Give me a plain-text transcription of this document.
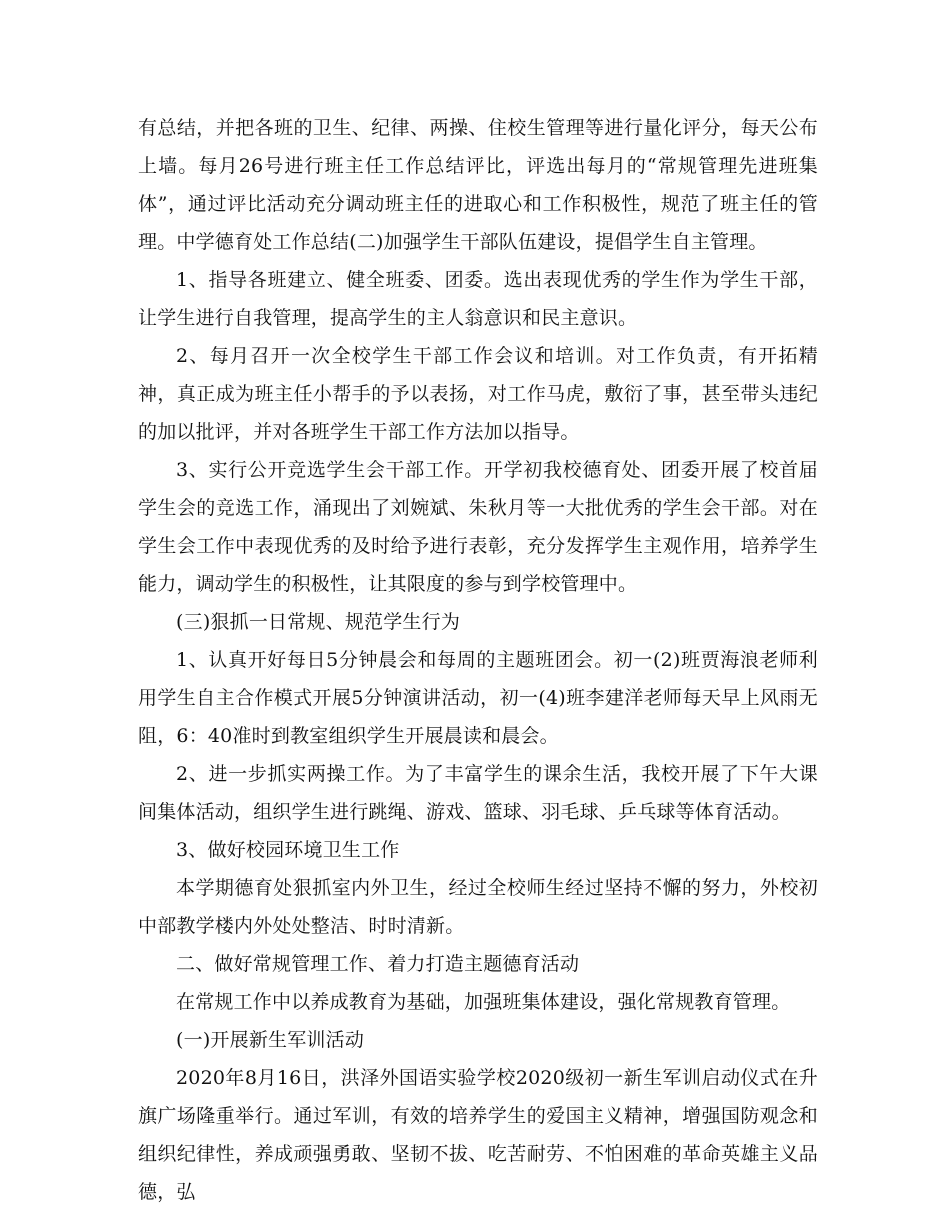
有总结，并把各班的卫生、纪律、两操、住校生管理等进行量化评分，每天公布上墙。每月26号进行班主任工作总结评比，评选出每月的“常规管理先进班集体”，通过评比活动充分调动班主任的进取心和工作积极性，规范了班主任的管理。中学德育处工作总结(二)加强学生干部队伍建设，提倡学生自主管理。

1、指导各班建立、健全班委、团委。选出表现优秀的学生作为学生干部，让学生进行自我管理，提高学生的主人翁意识和民主意识。

2、每月召开一次全校学生干部工作会议和培训。对工作负责，有开拓精神，真正成为班主任小帮手的予以表扬，对工作马虎，敷衍了事，甚至带头违纪的加以批评，并对各班学生干部工作方法加以指导。

3、实行公开竞选学生会干部工作。开学初我校德育处、团委开展了校首届学生会的竞选工作，涌现出了刘婉斌、朱秋月等一大批优秀的学生会干部。对在学生会工作中表现优秀的及时给予进行表彰，充分发挥学生主观作用，培养学生能力，调动学生的积极性，让其限度的参与到学校管理中。

(三)狠抓一日常规、规范学生行为

1、认真开好每日5分钟晨会和每周的主题班团会。初一(2)班贾海浪老师利用学生自主合作模式开展5分钟演讲活动，初一(4)班李建洋老师每天早上风雨无阻，6：40准时到教室组织学生开展晨读和晨会。

2、进一步抓实两操工作。为了丰富学生的课余生活，我校开展了下午大课间集体活动，组织学生进行跳绳、游戏、篮球、羽毛球、乒乓球等体育活动。

3、做好校园环境卫生工作

本学期德育处狠抓室内外卫生，经过全校师生经过坚持不懈的努力，外校初中部教学楼内外处处整洁、时时清新。

二、做好常规管理工作、着力打造主题德育活动

在常规工作中以养成教育为基础，加强班集体建设，强化常规教育管理。

(一)开展新生军训活动

2020年8月16日，洪泽外国语实验学校2020级初一新生军训启动仪式在升旗广场隆重举行。通过军训，有效的培养学生的爱国主义精神，增强国防观念和组织纪律性，养成顽强勇敢、坚韧不拔、吃苦耐劳、不怕困难的革命英雄主义品德，弘
